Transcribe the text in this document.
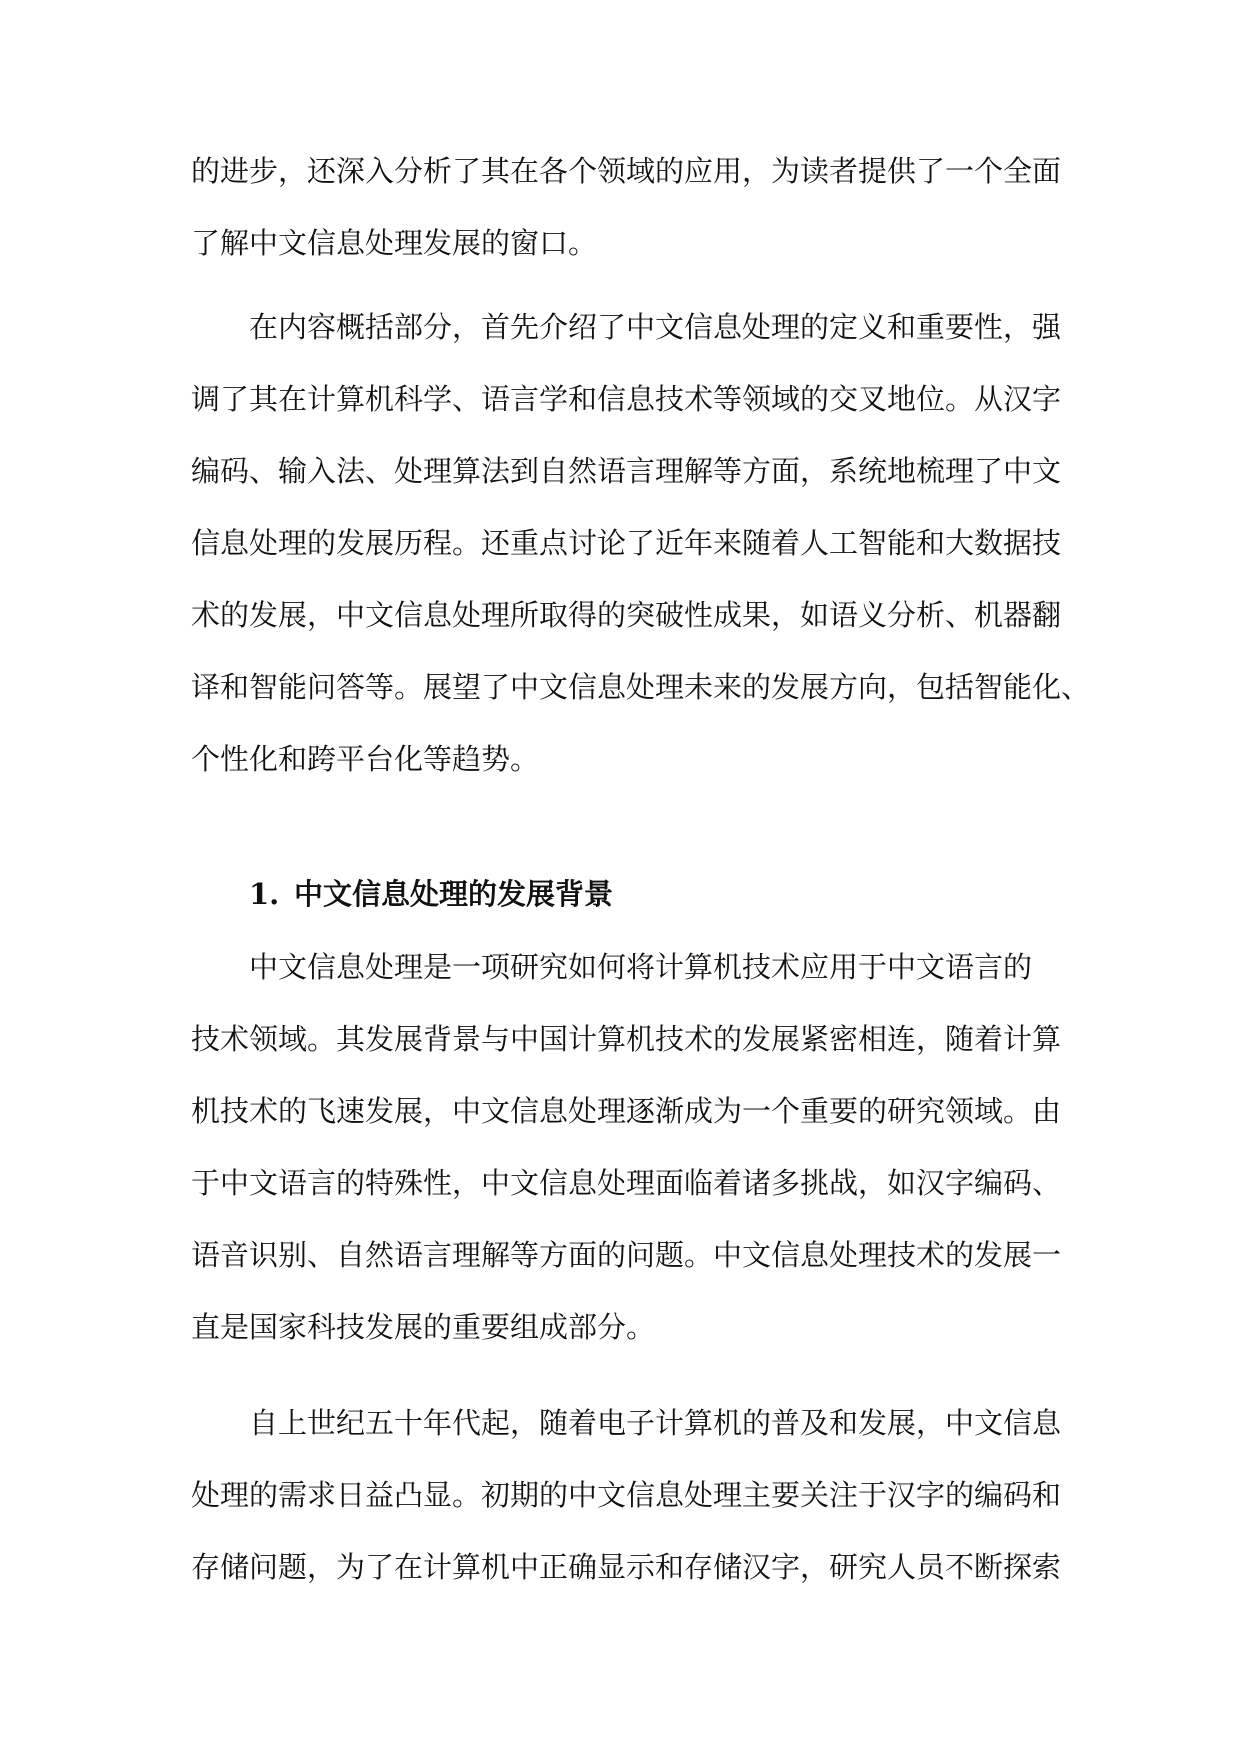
的进步，还深入分析了其在各个领域的应用，为读者提供了一个全面
了解中文信息处理发展的窗口。
在内容概括部分，首先介绍了中文信息处理的定义和重要性，强
调了其在计算机科学、语言学和信息技术等领域的交叉地位。从汉字
编码、输入法、处理算法到自然语言理解等方面，系统地梳理了中文
信息处理的发展历程。还重点讨论了近年来随着人工智能和大数据技
术的发展，中文信息处理所取得的突破性成果，如语义分析、机器翻
译和智能问答等。展望了中文信息处理未来的发展方向，包括智能化、
个性化和跨平台化等趋势。
1. 中文信息处理的发展背景
中文信息处理是一项研究如何将计算机技术应用于中文语言的
技术领域。其发展背景与中国计算机技术的发展紧密相连，随着计算
机技术的飞速发展，中文信息处理逐渐成为一个重要的研究领域。由
于中文语言的特殊性，中文信息处理面临着诸多挑战，如汉字编码、
语音识别、自然语言理解等方面的问题。中文信息处理技术的发展一
直是国家科技发展的重要组成部分。
自上世纪五十年代起，随着电子计算机的普及和发展，中文信息
处理的需求日益凸显。初期的中文信息处理主要关注于汉字的编码和
存储问题，为了在计算机中正确显示和存储汉字，研究人员不断探索
